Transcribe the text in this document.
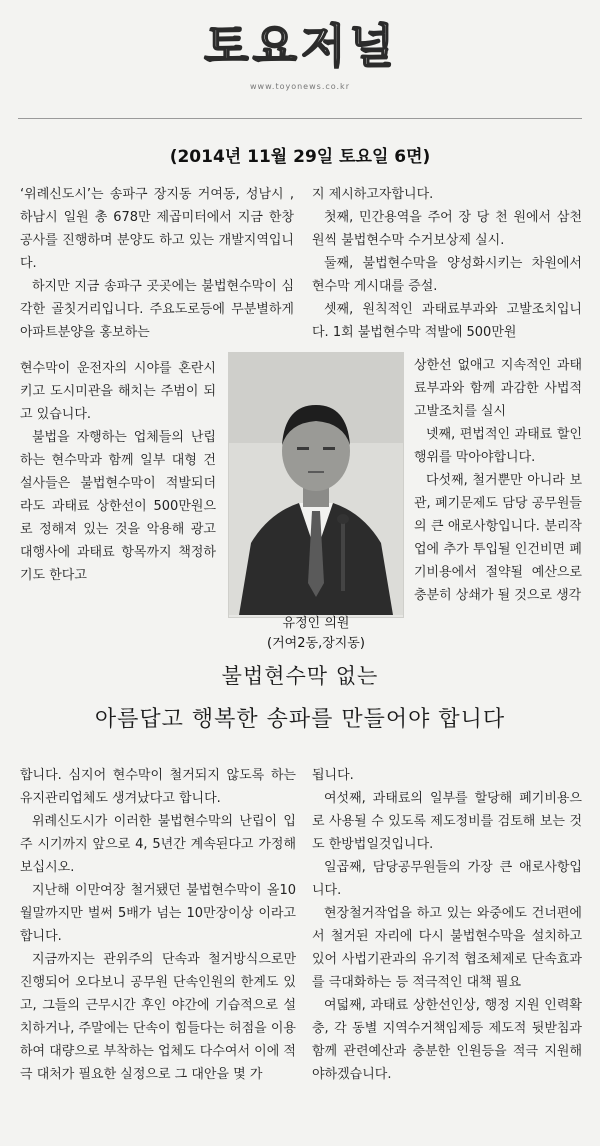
토요저널
www.toyonews.co.kr
(2014년 11월 29일 토요일 6면)

‘위례신도시’는 송파구 장지동 거여동, 성남시 , 하남시 일원 총 678만 제곱미터에서 지금 한창 공사를 진행하며 분양도 하고 있는 개발지역입니다.

하지만 지금 송파구 곳곳에는 불법현수막이 심각한 골칫거리입니다. 주요도로등에 무분별하게 아파트분양을 홍보하는

현수막이 운전자의 시야를 혼란시키고 도시미관을 해치는 주범이 되고 있습니다.

불법을 자행하는 업체들의 난립하는 현수막과 함께 일부 대형 건설사들은 불법현수막이 적발되더라도 과태료 상한선이 500만원으로 정해져 있는 것을 악용해 광고대행사에 과태료 항목까지 책정하기도 한다고

지 제시하고자합니다.

첫째, 민간용역을 주어 장 당 천 원에서 삼천 원씩 불법현수막 수거보상제 실시.

둘째, 불법현수막을 양성화시키는 차원에서 현수막 게시대를 증설.

셋째, 원칙적인 과태료부과와 고발조치입니다. 1회 불법현수막 적발에 500만원

상한선 없애고 지속적인 과태료부과와 함께 과감한 사법적 고발조치를 실시

넷째, 편법적인 과태료 할인행위를 막아야합니다.

다섯째, 철거뿐만 아니라 보관, 폐기문제도 담당 공무원들의 큰 애로사항입니다. 분리작업에 추가 투입될 인건비면 폐기비용에서 절약될 예산으로 충분히 상쇄가 될 것으로 생각

유정인 의원
(거여2동,장지동)
불법현수막 없는
아름답고 행복한 송파를 만들어야 합니다

합니다. 심지어 현수막이 철거되지 않도록 하는 유지관리업체도 생겨났다고 합니다.

위례신도시가 이러한 불법현수막의 난립이 입주 시기까지 앞으로 4, 5년간 계속된다고 가정해 보십시오.

지난해 이만여장 철거됐던 불법현수막이 올10월말까지만 벌써 5배가 넘는 10만장이상 이라고 합니다.

지금까지는 관위주의 단속과 철거방식으로만 진행되어 오다보니 공무원 단속인원의 한계도 있고, 그들의 근무시간 후인 야간에 기습적으로 설치하거나, 주말에는 단속이 힘들다는 허점을 이용하여 대량으로 부착하는 업체도 다수여서 이에 적극 대처가 필요한 실정으로 그 대안을 몇 가

됩니다.

여섯째, 과태료의 일부를 할당해 폐기비용으로 사용될 수 있도록 제도정비를 검토해 보는 것도 한방법일것입니다.

일곱째, 담당공무원들의 가장 큰 애로사항입니다.

현장철거작업을 하고 있는 와중에도 건너편에서 철거된 자리에 다시 불법현수막을 설치하고 있어 사법기관과의 유기적 협조체제로 단속효과를 극대화하는 등 적극적인 대책 필요

여덟째, 과태료 상한선인상, 행정 지원 인력확충, 각 동별 지역수거책임제등 제도적 뒷받침과 함께 관련예산과 충분한 인원등을 적극 지원해야하겠습니다.
